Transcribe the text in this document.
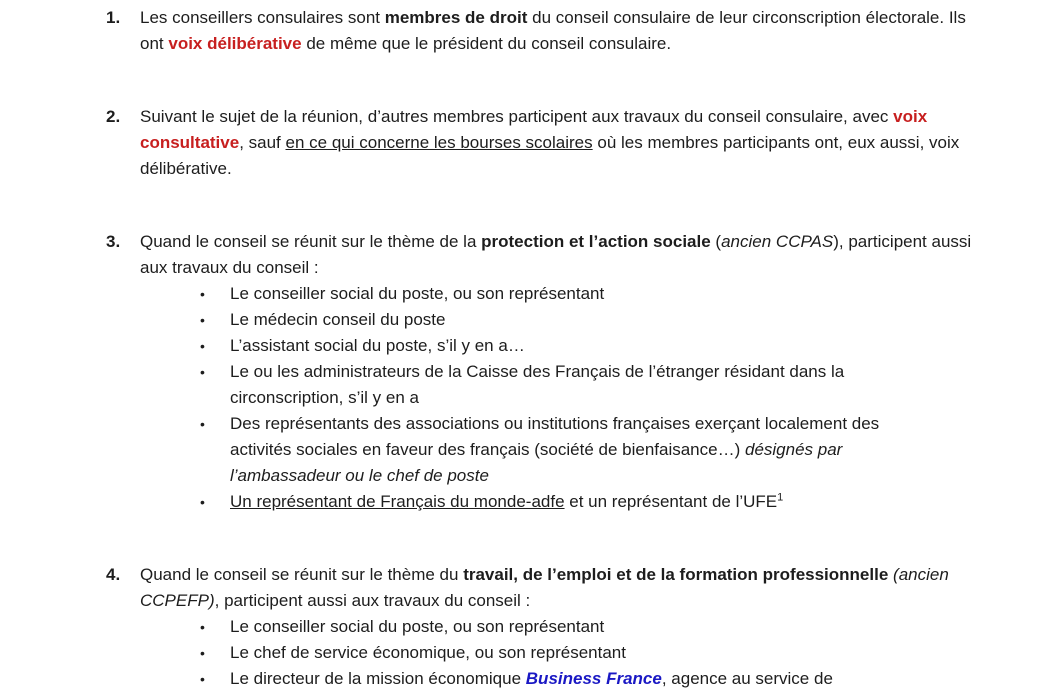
1.	Les conseillers consulaires sont membres de droit du conseil consulaire de leur circonscription électorale. Ils ont voix délibérative de même que le président du conseil consulaire.
2.	Suivant le sujet de la réunion, d’autres membres participent aux travaux du conseil consulaire, avec voix consultative, sauf en ce qui concerne les bourses scolaires où les membres participants ont, eux aussi, voix délibérative.
3.	Quand le conseil se réunit sur le thème de la protection et l’action sociale (ancien CCPAS), participent aussi aux travaux du conseil :
•	Le conseiller social du poste, ou son représentant
•	Le médecin conseil du poste
•	L’assistant social du poste, s’il y en a…
•	Le ou les administrateurs de la Caisse des Français de l’étranger résidant dans la circonscription, s’il y en a
•	Des représentants des associations ou institutions françaises exerçant localement des activités sociales en faveur des français (société de bienfaisance…) désignés par l’ambassadeur ou le chef de poste
•	Un représentant de Français du monde-adfe et un représentant de l’UFE$^1$
4.	Quand le conseil se réunit sur le thème du travail, de l’emploi et de la formation professionnelle (ancien CCPEFP), participent aussi aux travaux du conseil :
•	Le conseiller social du poste, ou son représentant
•	Le chef de service économique, ou son représentant
•	Le directeur de la mission économique Business France, agence au service de
